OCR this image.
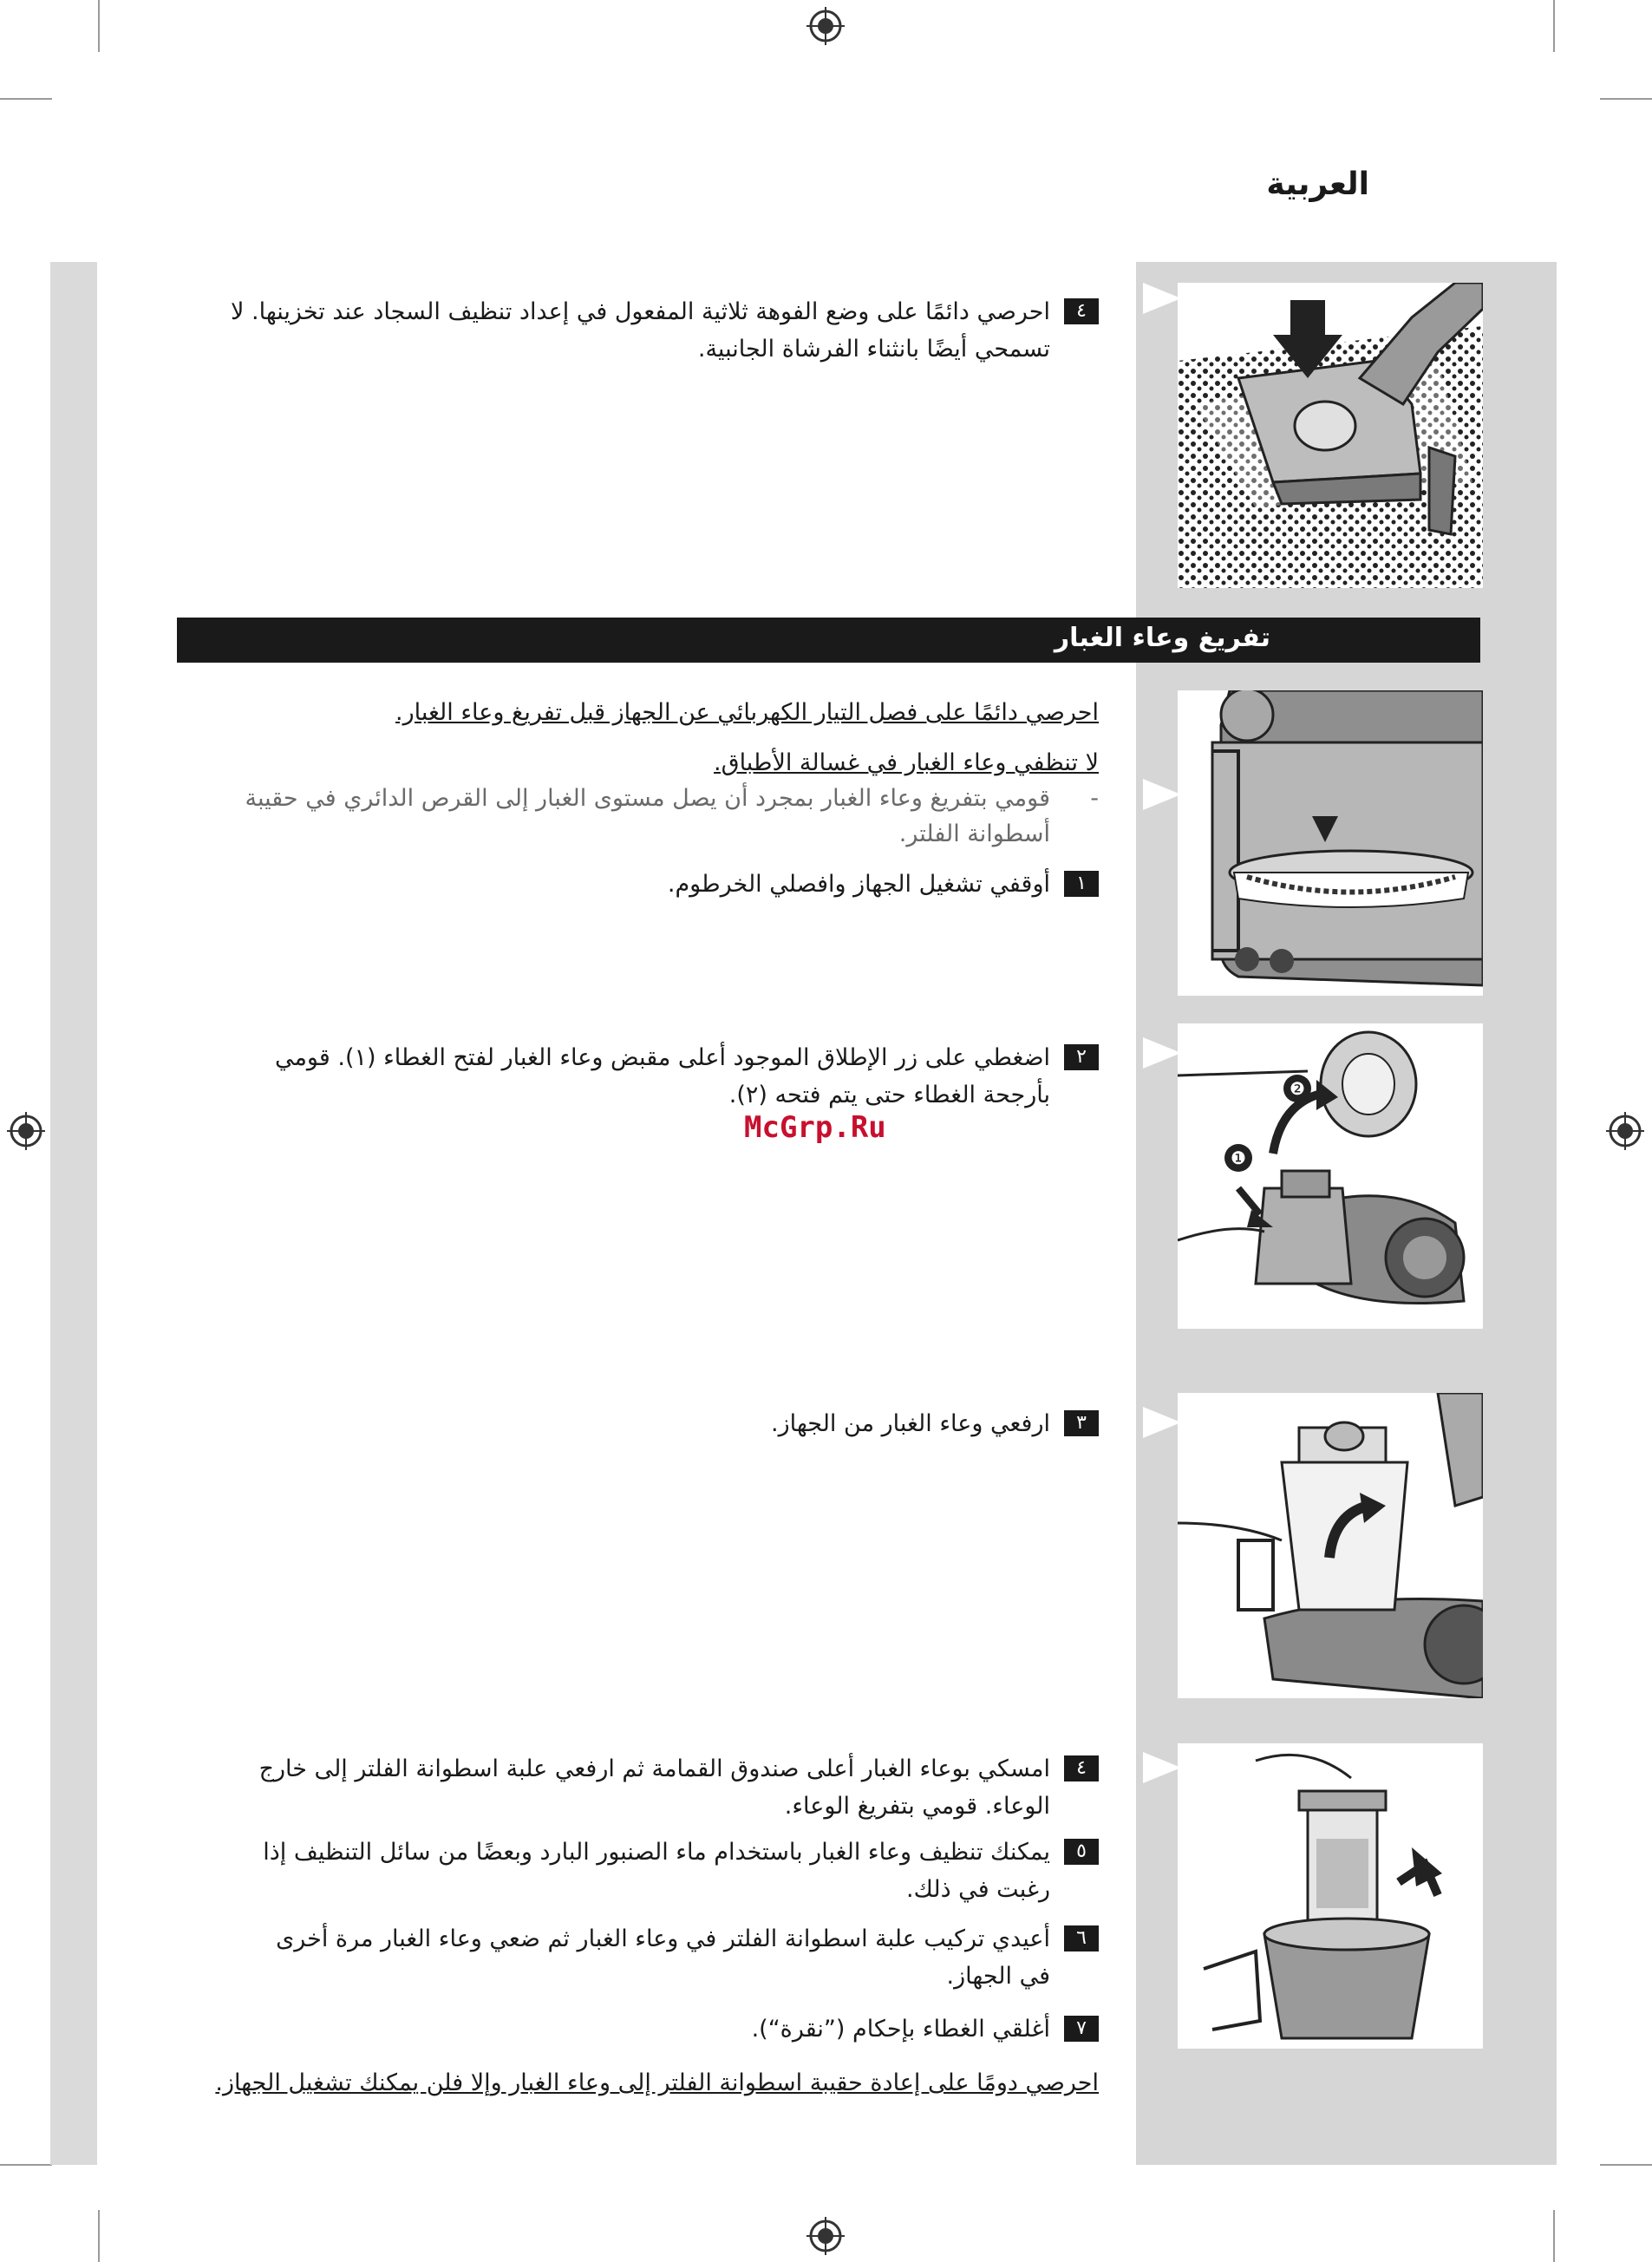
العربية
٤
احرصي دائمًا على وضع الفوهة ثلاثية المفعول في إعداد تنظيف السجاد عند تخزينها. لا تسمحي أيضًا بانثناء الفرشاة الجانبية.
تفريغ وعاء الغبار
احرصي دائمًا على فصل التيار الكهربائي عن الجهاز قبل تفريغ وعاء الغبار.
لا تنظفي وعاء الغبار في غسالة الأطباق.
-
قومي بتفريغ وعاء الغبار بمجرد أن يصل مستوى الغبار إلى القرص الدائري في حقيبة أسطوانة الفلتر.
١
أوقفي تشغيل الجهاز وافصلي الخرطوم.
٢
اضغطي على زر الإطلاق الموجود أعلى مقبض وعاء الغبار لفتح الغطاء (١). قومي بأرجحة الغطاء حتى يتم فتحه (٢).
McGrp.Ru
٣
ارفعي وعاء الغبار من الجهاز.
٤
امسكي بوعاء الغبار أعلى صندوق القمامة ثم ارفعي علبة اسطوانة الفلتر إلى خارج الوعاء. قومي بتفريغ الوعاء.
٥
يمكنك تنظيف وعاء الغبار باستخدام ماء الصنبور البارد وبعضًا من سائل التنظيف إذا رغبت في ذلك.
٦
أعيدي تركيب علبة اسطوانة الفلتر في وعاء الغبار ثم ضعي وعاء الغبار مرة أخرى في الجهاز.
٧
أغلقي الغطاء بإحكام (”نقرة“).
احرصي دومًا على إعادة حقيبة اسطوانة الفلتر إلى وعاء الغبار وإلا فلن يمكنك تشغيل الجهاز.
❶
❷
